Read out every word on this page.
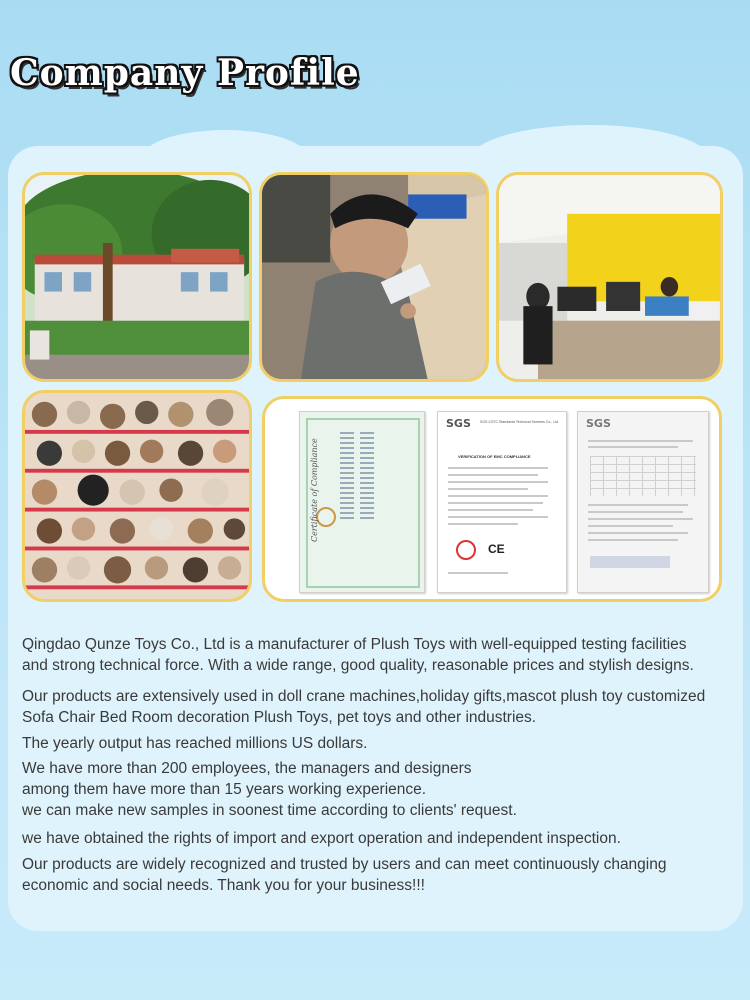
Company Profile
Certificate of Compliance
SGS	SGS-CSTC Standards Technical Services Co., Ltd.
VERIFICATION OF EMC COMPLIANCE
CE
SGS

Qingdao Qunze Toys Co., Ltd is a manufacturer of Plush Toys with well-equipped testing facilities

and strong technical force. With a wide range, good quality, reasonable prices and stylish designs.

Our products are extensively used in doll crane machines,holiday gifts,mascot plush toy customized

Sofa Chair Bed Room decoration Plush Toys, pet toys and other industries.

The yearly output has reached millions US dollars.

We have more than 200 employees, the managers and designers

among them have more than 15 years working experience.

we can make new samples in soonest time according to clients' request.

we have obtained the rights of import and export operation and independent inspection.

Our products are widely recognized and trusted by users and can meet continuously changing

economic and social needs. Thank you for your business!!!
